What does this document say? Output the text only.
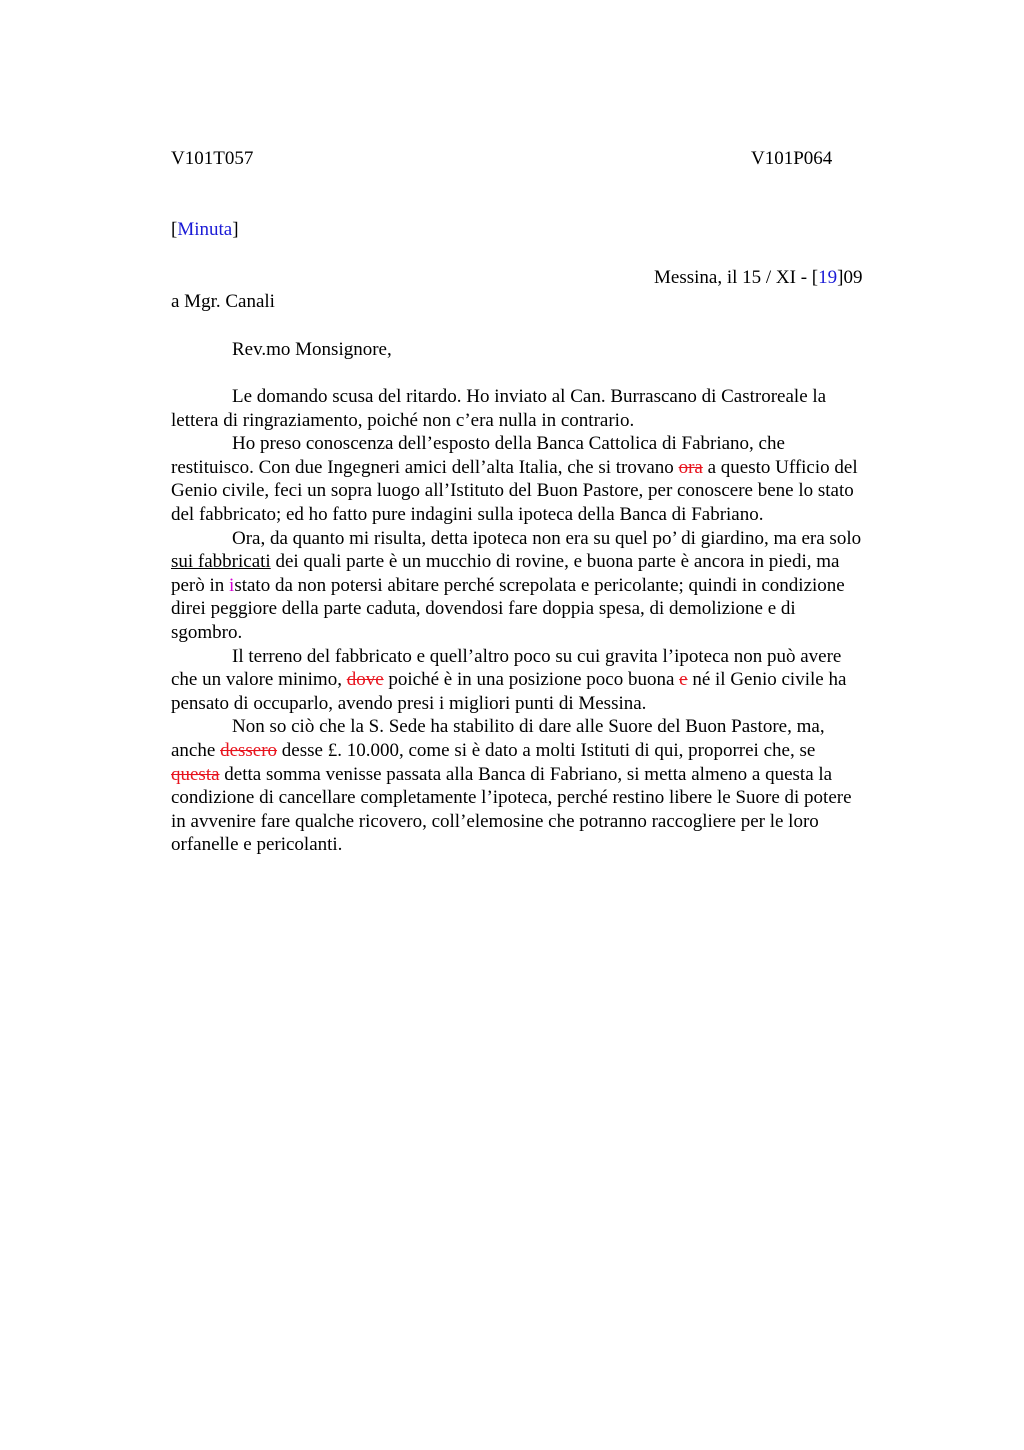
V101T057	V101P064
[Minuta]
Messina, il 15 / XI - [19]09
a Mgr. Canali
Rev.mo Monsignore,
Le domando scusa del ritardo. Ho inviato al Can. Burrascano di Castroreale la
lettera di ringraziamento, poiché non c’era nulla in contrario.
Ho preso conoscenza dell’esposto della Banca Cattolica di Fabriano, che
restituisco. Con due Ingegneri amici dell’alta Italia, che si trovano ora a questo Ufficio del
Genio civile, feci un sopra luogo all’Istituto del Buon Pastore, per conoscere bene lo stato
del fabbricato; ed ho fatto pure indagini sulla ipoteca della Banca di Fabriano.
Ora, da quanto mi risulta, detta ipoteca non era su quel po’ di giardino, ma era solo
sui fabbricati dei quali parte è un mucchio di rovine, e buona parte è ancora in piedi, ma
però in istato da non potersi abitare perché screpolata e pericolante; quindi in condizione
direi peggiore della parte caduta, dovendosi fare doppia spesa, di demolizione e di
sgombro.
Il terreno del fabbricato e quell’altro poco su cui gravita l’ipoteca non può avere
che un valore minimo, dove poiché è in una posizione poco buona e né il Genio civile ha
pensato di occuparlo, avendo presi i migliori punti di Messina.
Non so ciò che la S. Sede ha stabilito di dare alle Suore del Buon Pastore, ma,
anche dessero desse £. 10.000, come si è dato a molti Istituti di qui, proporrei che, se
questa detta somma venisse passata alla Banca di Fabriano, si metta almeno a questa la
condizione di cancellare completamente l’ipoteca, perché restino libere le Suore di potere
in avvenire fare qualche ricovero, coll’elemosine che potranno raccogliere per le loro
orfanelle e pericolanti.
